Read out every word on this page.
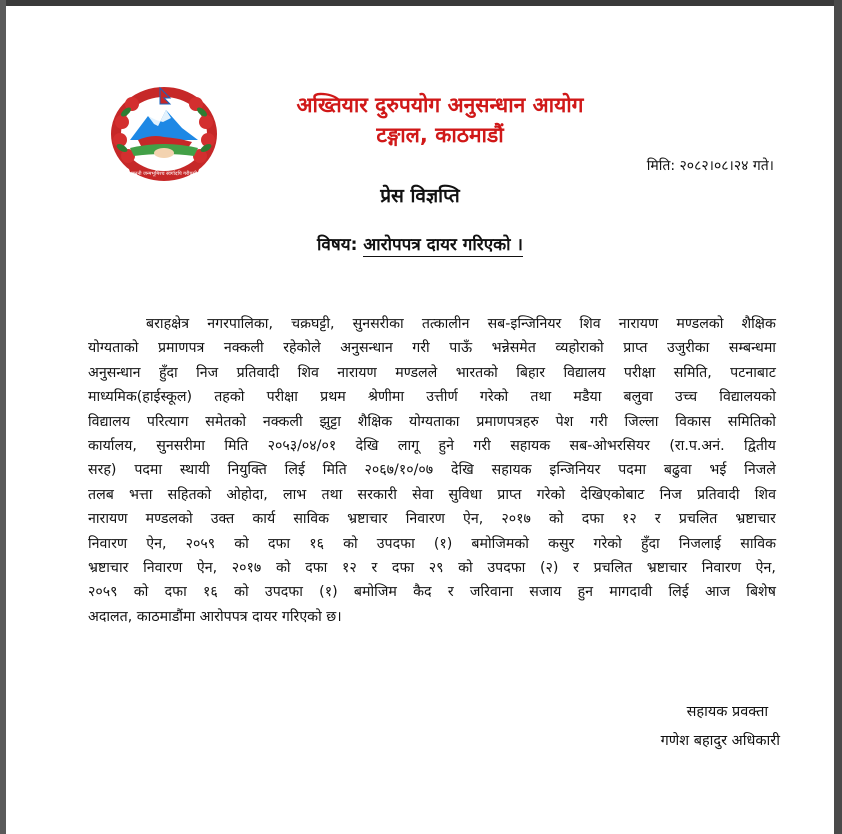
जननी जन्मभूमिश्च स्वर्गादपि गरीयसी
अख्तियार दुरुपयोग अनुसन्धान आयोग
टङ्गाल, काठमाडौं
मिति: २०८२।०८।२४ गते।
प्रेस विज्ञप्ति
विषय: आरोपपत्र दायर गरिएको ।
बराहक्षेत्र नगरपालिका, चक्रघट्टी, सुनसरीका तत्कालीन सब-इन्जिनियर शिव नारायण मण्डलको शैक्षिक
योग्यताको प्रमाणपत्र नक्कली रहेकोले अनुसन्धान गरी पाऊँ भन्नेसमेत व्यहोराको प्राप्त उजुरीका सम्बन्धमा
अनुसन्धान हुँदा निज प्रतिवादी शिव नारायण मण्डलले भारतको बिहार विद्यालय परीक्षा समिति, पटनाबाट
माध्यमिक(हाईस्कूल) तहको परीक्षा प्रथम श्रेणीमा उत्तीर्ण गरेको तथा मडैया बलुवा उच्च विद्यालयको
विद्यालय परित्याग समेतको नक्कली झुट्टा शैक्षिक योग्यताका प्रमाणपत्रहरु पेश गरी जिल्ला विकास समितिको
कार्यालय, सुनसरीमा मिति २०५३/०४/०१ देखि लागू हुने गरी सहायक सब-ओभरसियर (रा.प.अनं. द्वितीय
सरह) पदमा स्थायी नियुक्ति लिई मिति २०६७/१०/०७ देखि सहायक इन्जिनियर पदमा बढुवा भई निजले
तलब भत्ता सहितको ओहोदा, लाभ तथा सरकारी सेवा सुविधा प्राप्त गरेको देखिएकोबाट निज प्रतिवादी शिव
नारायण मण्डलको उक्त कार्य साविक भ्रष्टाचार निवारण ऐन, २०१७ को दफा १२ र प्रचलित भ्रष्टाचार
निवारण ऐन, २०५९ को दफा १६ को उपदफा (१) बमोजिमको कसुर गरेको हुँदा निजलाई साविक
भ्रष्टाचार निवारण ऐन, २०१७ को दफा १२ र दफा २९ को उपदफा (२) र प्रचलित भ्रष्टाचार निवारण ऐन,
२०५९ को दफा १६ को उपदफा (१) बमोजिम कैद र जरिवाना सजाय हुन मागदावी लिई आज बिशेष
अदालत, काठमाडौंमा आरोपपत्र दायर गरिएको छ।
सहायक प्रवक्ता
गणेश बहादुर अधिकारी
